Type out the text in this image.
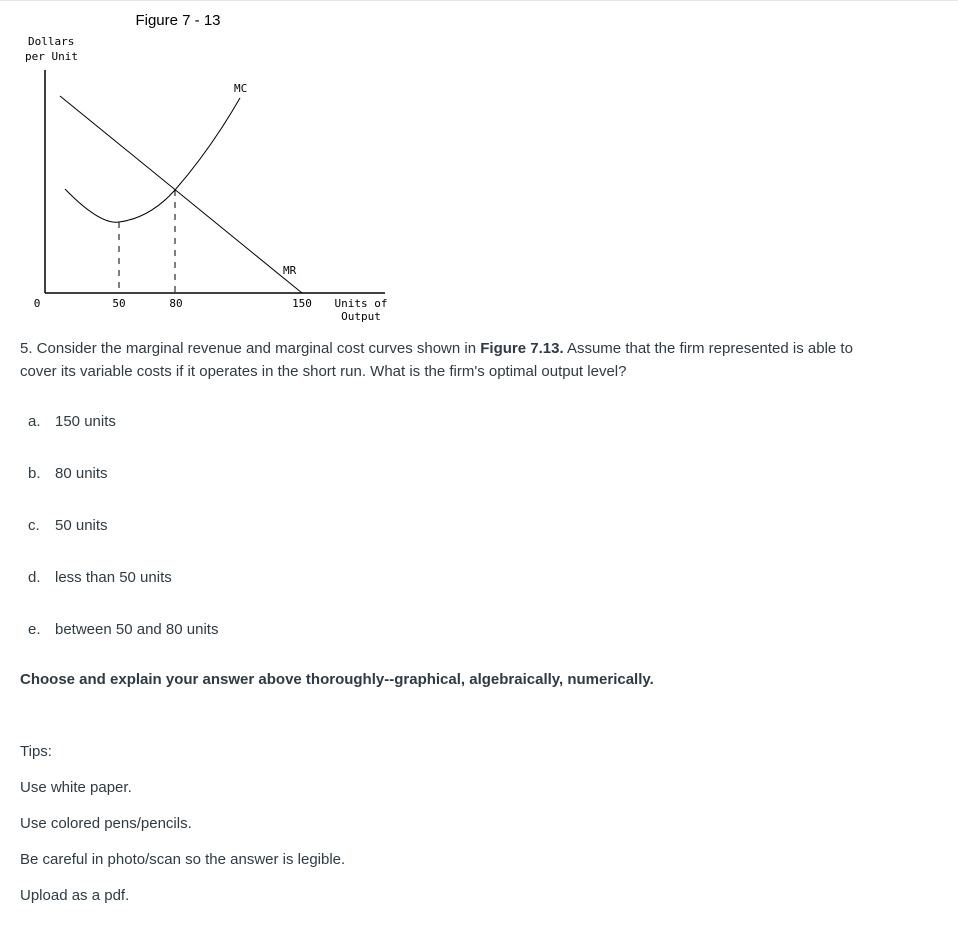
Figure 7 - 13
Dollars
per Unit
MR
MC
0	50	80	150 Units of
Output

5. Consider the marginal revenue and marginal cost curves shown in Figure 7.13. Assume that the firm represented is able to cover its variable costs if it operates in the short run. What is the firm's optimal output level?

a. 150 units
b. 80 units
c. 50 units
d. less than 50 units
e. between 50 and 80 units

Choose and explain your answer above thoroughly--graphical, algebraically, numerically.

Tips:

Use white paper.

Use colored pens/pencils.

Be careful in photo/scan so the answer is legible.

Upload as a pdf.
